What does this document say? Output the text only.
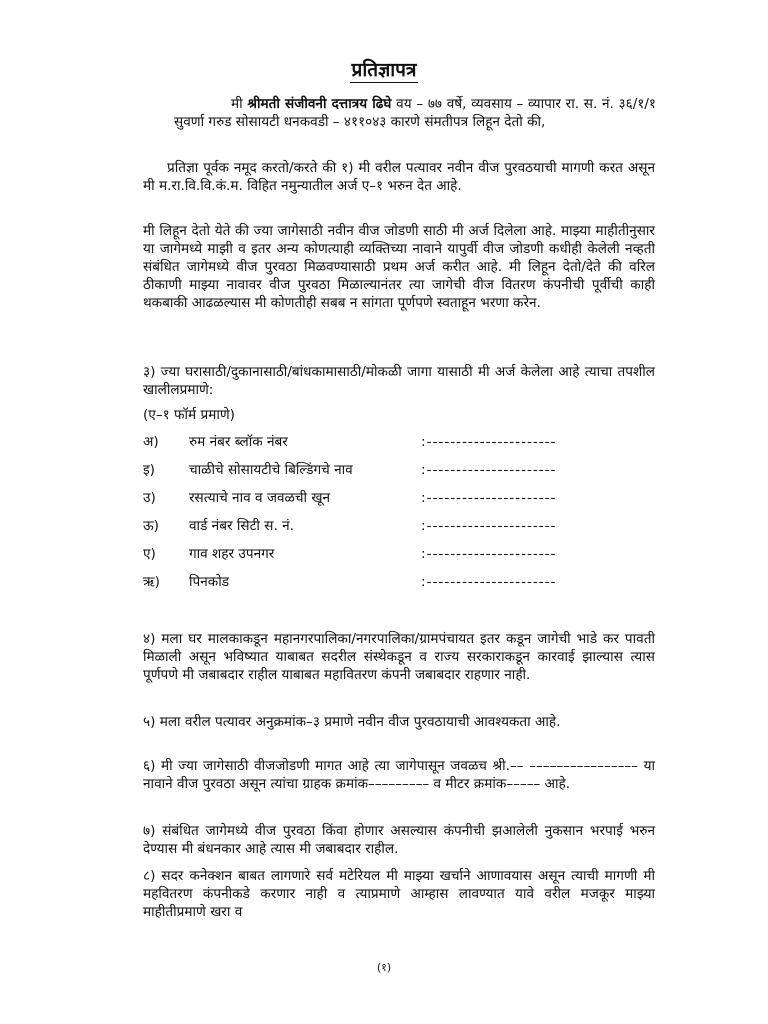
प्रतिज्ञापत्र
मी श्रीमती संजीवनी दत्तात्रय ढिघे वय – ७७ वर्षे, व्यवसाय – व्यापार रा. स. नं. ३६/१/१ सुवर्णा गरुड सोसायटी धनकवडी – ४११०४३ कारणे संमतीपत्र लिहून देतो की,
प्रतिज्ञा पूर्वक नमूद करतो/करते की १) मी वरील पत्यावर नवीन वीज पुरवठयाची मागणी करत असून मी म.रा.वि.वि.कं.म. विहित नमुन्यातील अर्ज ए–१ भरुन देत आहे.
मी लिहून देतो येते की ज्या जागेसाठी नवीन वीज जोडणी साठी मी अर्ज दिलेला आहे. माझ्या माहीतीनुसार या जागेमध्ये माझी व इतर अन्य कोणत्याही व्यक्तिच्या नावाने यापुर्वी वीज जोडणी कधीही केलेली नव्हती संबंधित जागेमध्ये वीज पुरवठा मिळवण्यासाठी प्रथम अर्ज करीत आहे. मी लिहून देतो/देते की वरिल ठीकाणी माझ्या नावावर वीज पुरवठा मिळाल्यानंतर त्या जागेची वीज वितरण कंपनीची पूर्वीची काही थकबाकी आढळल्यास मी कोणतीही सबब न सांगता पूर्णपणे स्वताहून भरणा करेन.
३) ज्या घरासाठी/दुकानासाठी/बांधकामासाठी/मोकळी जागा यासाठी मी अर्ज केलेला आहे त्याचा तपशील खालीलप्रमाणे:
(ए–१ फॉर्म प्रमाणे)
अ) रुम नंबर ब्लॉक नंबर	:----------------------
इ)	चाळीचे सोसायटीचे बिल्डिंगचे नाव	:----------------------
उ) रसत्याचे नाव व जवळची खून	:----------------------
ऊ) वार्ड नंबर सिटी स. नं.	:----------------------
ए) गाव शहर उपनगर	:----------------------
ऋ) पिनकोड	:----------------------
४) मला घर मालकाकडून महानगरपालिका/नगरपालिका/ग्रामपंचायत इतर कडून जागेची भाडे कर पावती मिळाली असून भविष्यात याबाबत सदरील संस्थेकडून व राज्य सरकाराकडून कारवाई झाल्यास त्यास पूर्णपणे मी जबाबदार राहील याबाबत महावितरण कंपनी जबाबदार राहणार नाही.
५) मला वरील पत्यावर अनुक्रमांक–३ प्रमाणे नवीन वीज पुरवठायाची आवश्यकता आहे.
६) मी ज्या जागेसाठी वीजजोडणी मागत आहे त्या जागेपासून जवळच श्री.–– –––––––––––––––– या नावाने वीज पुरवठा असून त्यांचा ग्राहक क्रमांक––––––––– व मीटर क्रमांक––––– आहे.
७) संबंधित जागेमध्ये वीज पुरवठा किंवा होणार असल्यास कंपनीची झआलेली नुकसान भरपाई भरुन देण्यास मी बंधनकार आहे त्यास मी जबाबदार राहील.
८) सदर कनेक्शन बाबत लागणारे सर्व मटेरियल मी माझ्या खर्चाने आणावयास असून त्याची मागणी मी महवितरण कंपनीकडे करणार नाही व त्याप्रमाणे आम्हास लावण्यात यावे वरील मजकूर माझ्या माहीतीप्रमाणे खरा व
(१)
